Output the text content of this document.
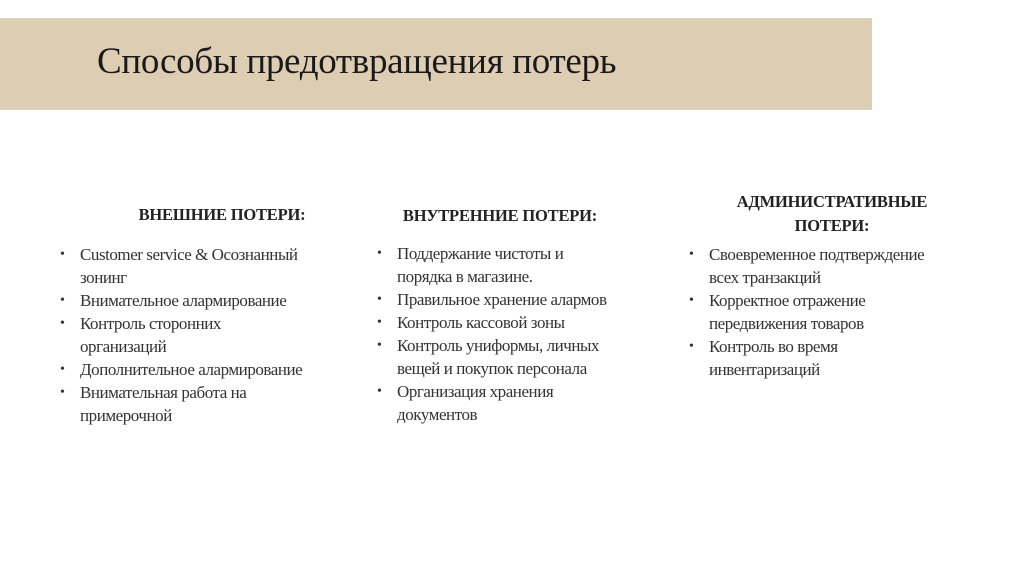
Способы предотвращения потерь
ВНЕШНИЕ ПОТЕРИ:
• Customer service & Осознанный
зонинг
• Внимательное алармирование
• Контроль сторонних
организаций
• Дополнительное алармирование
• Внимательная работа на
примерочной
ВНУТРЕННИЕ ПОТЕРИ:
• Поддержание чистоты и
порядка в магазине.
• Правильное хранение алармов
• Контроль кассовой зоны
• Контроль униформы, личных
вещей и покупок персонала
• Организация хранения
документов
АДМИНИСТРАТИВНЫЕ
ПОТЕРИ:
• Своевременное подтверждение
всех транзакций
• Корректное отражение
передвижения товаров
• Контроль во время
инвентаризаций
